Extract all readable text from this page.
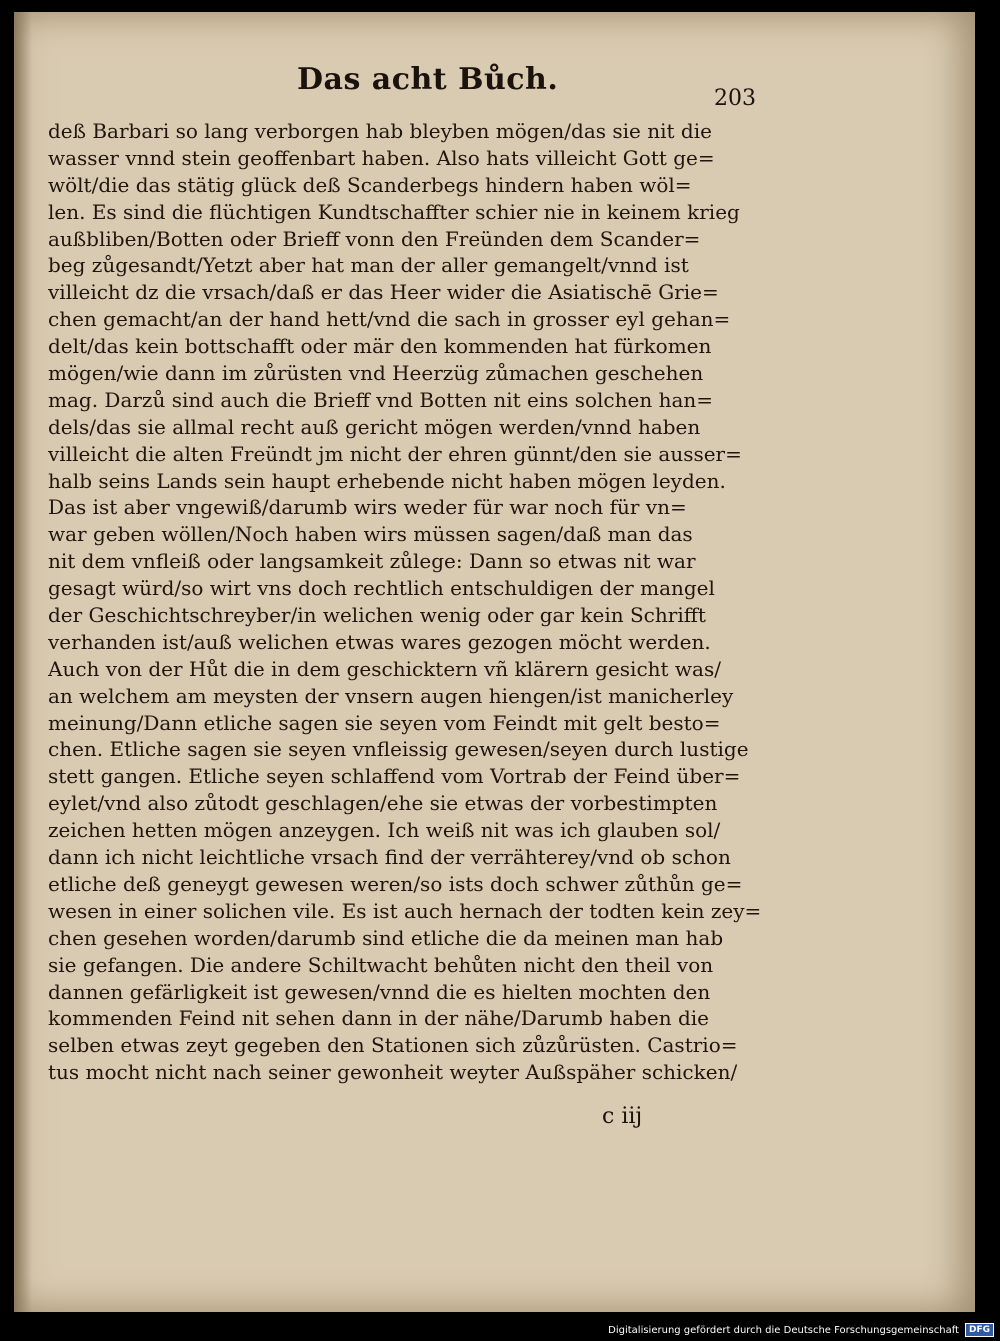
Das acht Bůch.
203
deß Barbari so lang verborgen hab bleyben mögen/das sie nit die
wasser vnnd stein geoffenbart haben. Also hats villeicht Gott ge=
wölt/die das stätig glück deß Scanderbegs hindern haben wöl=
len. Es sind die flüchtigen Kundtschaffter schier nie in keinem krieg
außbliben/Botten oder Brieff vonn den Freünden dem Scander=
beg zůgesandt/Yetzt aber hat man der aller gemangelt/vnnd ist
villeicht dz die vrsach/daß er das Heer wider die Asiatischē Grie=
chen gemacht/an der hand hett/vnd die sach in grosser eyl gehan=
delt/das kein bottschafft oder mär den kommenden hat fürkomen
mögen/wie dann im zůrüsten vnd Heerzüg zůmachen geschehen
mag. Darzů sind auch die Brieff vnd Botten nit eins solchen han=
dels/das sie allmal recht auß gericht mögen werden/vnnd haben
villeicht die alten Freündt jm nicht der ehren günnt/den sie ausser=
halb seins Lands sein haupt erhebende nicht haben mögen leyden.
Das ist aber vngewiß/darumb wirs weder für war noch für vn=
war geben wöllen/Noch haben wirs müssen sagen/daß man das
nit dem vnfleiß oder langsamkeit zůlege: Dann so etwas nit war
gesagt würd/so wirt vns doch rechtlich entschuldigen der mangel
der Geschichtschreyber/in welichen wenig oder gar kein Schrifft
verhanden ist/auß welichen etwas wares gezogen möcht werden.
Auch von der Hůt die in dem geschicktern vñ klärern gesicht was/
an welchem am meysten der vnsern augen hiengen/ist manicherley
meinung/Dann etliche sagen sie seyen vom Feindt mit gelt besto=
chen. Etliche sagen sie seyen vnfleissig gewesen/seyen durch lustige
stett gangen. Etliche seyen schlaffend vom Vortrab der Feind über=
eylet/vnd also zůtodt geschlagen/ehe sie etwas der vorbestimpten
zeichen hetten mögen anzeygen. Ich weiß nit was ich glauben sol/
dann ich nicht leichtliche vrsach find der verrähterey/vnd ob schon
etliche deß geneygt gewesen weren/so ists doch schwer zůthůn ge=
wesen in einer solichen vile. Es ist auch hernach der todten kein zey=
chen gesehen worden/darumb sind etliche die da meinen man hab
sie gefangen. Die andere Schiltwacht behůten nicht den theil von
dannen gefärligkeit ist gewesen/vnnd die es hielten mochten den
kommenden Feind nit sehen dann in der nähe/Darumb haben die
selben etwas zeyt gegeben den Stationen sich zůzůrüsten. Castrio=
tus mocht nicht nach seiner gewonheit weyter Außspäher schicken/
c iij
Digitalisierung gefördert durch die Deutsche Forschungsgemeinschaft	DFG
